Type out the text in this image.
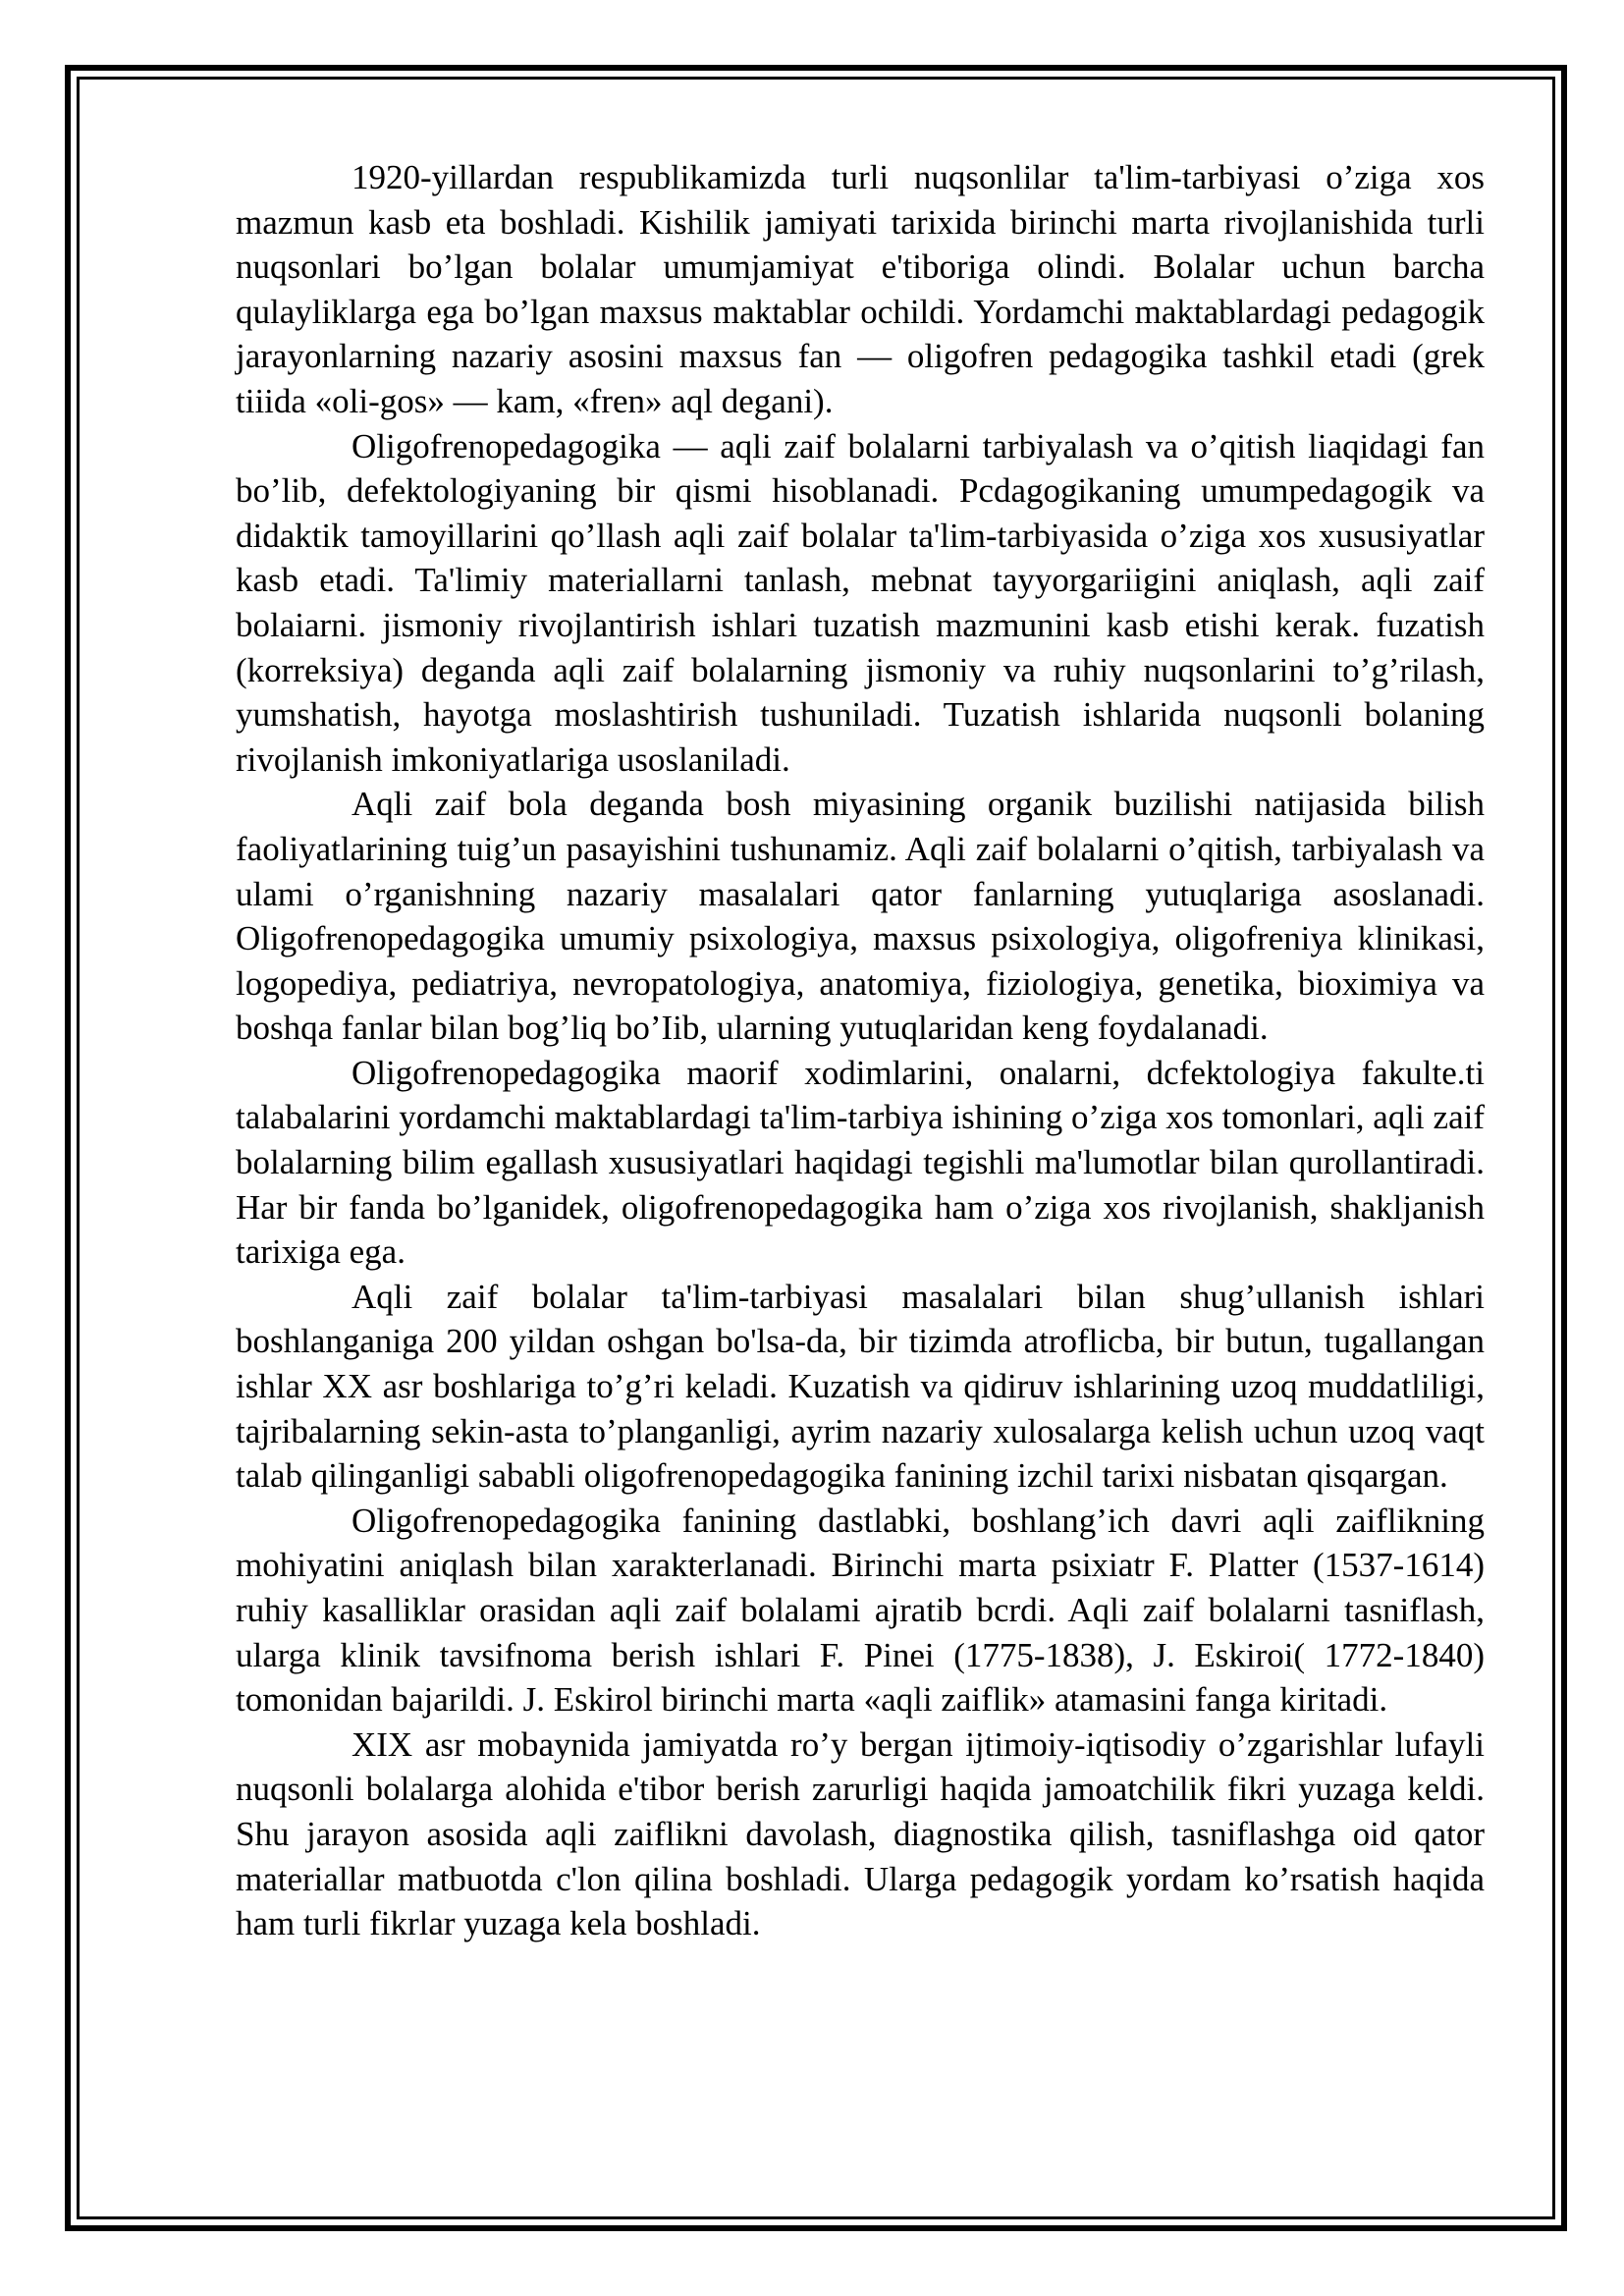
1920-yillardan respublikamizda turli nuqsonlilar ta'lim-tarbiyasi o’ziga xos mazmun kasb eta boshladi. Kishilik jamiyati tarixida birinchi marta rivojlanishida turli nuqsonlari bo’lgan bolalar umumjamiyat e'tiboriga olindi. Bolalar uchun barcha qulayliklarga ega bo’lgan maxsus maktablar ochildi. Yordamchi maktablardagi pedagogik jarayonlarning nazariy asosini maxsus fan — oligofren pedagogika tashkil etadi (grek tiiida «oli-gos» — kam, «fren» aql degani).

Oligofrenopedagogika — aqli zaif bolalarni tarbiyalash va o’qitish liaqidagi fan bo’lib, defektologiyaning bir qismi hisoblanadi. Pcdagogikaning umumpedagogik va didaktik tamoyillarini qo’llash aqli zaif bolalar ta'lim-tarbiyasida o’ziga xos xususiyatlar kasb etadi. Ta'limiy materiallarni tanlash, mebnat tayyorgariigini aniqlash, aqli zaif bolaiarni. jismoniy rivojlantirish ishlari tuzatish mazmunini kasb etishi kerak. fuzatish (korreksiya) deganda aqli zaif bolalarning jismoniy va ruhiy nuqsonlarini to’g’rilash, yumshatish, hayotga moslashtirish tushuniladi. Tuzatish ishlarida nuqsonli bolaning rivojlanish imkoniyatlariga usoslaniladi.

Aqli zaif bola deganda bosh miyasining organik buzilishi natijasida bilish faoliyatlarining tuig’un pasayishini tushunamiz. Aqli zaif bolalarni o’qitish, tarbiyalash va ulami o’rganishning nazariy masalalari qator fanlarning yutuqlariga asoslanadi. Oligofrenopedagogika umumiy psixologiya, maxsus psixologiya, oligofreniya klinikasi, logopediya, pediatriya, nevropatologiya, anatomiya, fiziologiya, genetika, bioximiya va boshqa fanlar bilan bog’liq bo’Iib, ularning yutuqlaridan keng foydalanadi.

Oligofrenopedagogika maorif xodimlarini, onalarni, dcfektologiya fakulte.ti talabalarini yordamchi maktablardagi ta'lim-tarbiya ishining o’ziga xos tomonlari, aqli zaif bolalarning bilim egallash xususiyatlari haqidagi tegishli ma'lumotlar bilan qurollantiradi. Har bir fanda bo’lganidek, oligofrenopedagogika ham o’ziga xos rivojlanish, shakljanish tarixiga ega.

Aqli zaif bolalar ta'lim-tarbiyasi masalalari bilan shug’ullanish ishlari boshlanganiga 200 yildan oshgan bo'lsa-da, bir tizimda atroflicba, bir butun, tugallangan ishlar XX asr boshlariga to’g’ri keladi. Kuzatish va qidiruv ishlarining uzoq muddatliligi, tajribalarning sekin-asta to’planganligi, ayrim nazariy xulosalarga kelish uchun uzoq vaqt talab qilinganligi sababli oligofrenopedagogika fanining izchil tarixi nisbatan qisqargan.

Oligofrenopedagogika fanining dastlabki, boshlang’ich davri aqli zaiflikning mohiyatini aniqlash bilan xarakterlanadi. Birinchi marta psixiatr F. Platter (1537-1614) ruhiy kasalliklar orasidan aqli zaif bolalami ajratib bcrdi. Aqli zaif bolalarni tasniflash, ularga klinik tavsifnoma berish ishlari F. Pinei (1775-1838), J. Eskiroi( 1772-1840) tomonidan bajarildi. J. Eskirol birinchi marta «aqli zaiflik» atamasini fanga kiritadi.

XIX asr mobaynida jamiyatda ro’y bergan ijtimoiy-iqtisodiy o’zgarishlar lufayli nuqsonli bolalarga alohida e'tibor berish zarurligi haqida jamoatchilik fikri yuzaga keldi. Shu jarayon asosida aqli zaiflikni davolash, diagnostika qilish, tasniflashga oid qator materiallar matbuotda c'lon qilina boshladi. Ularga pedagogik yordam ko’rsatish haqida ham turli fikrlar yuzaga kela boshladi.
